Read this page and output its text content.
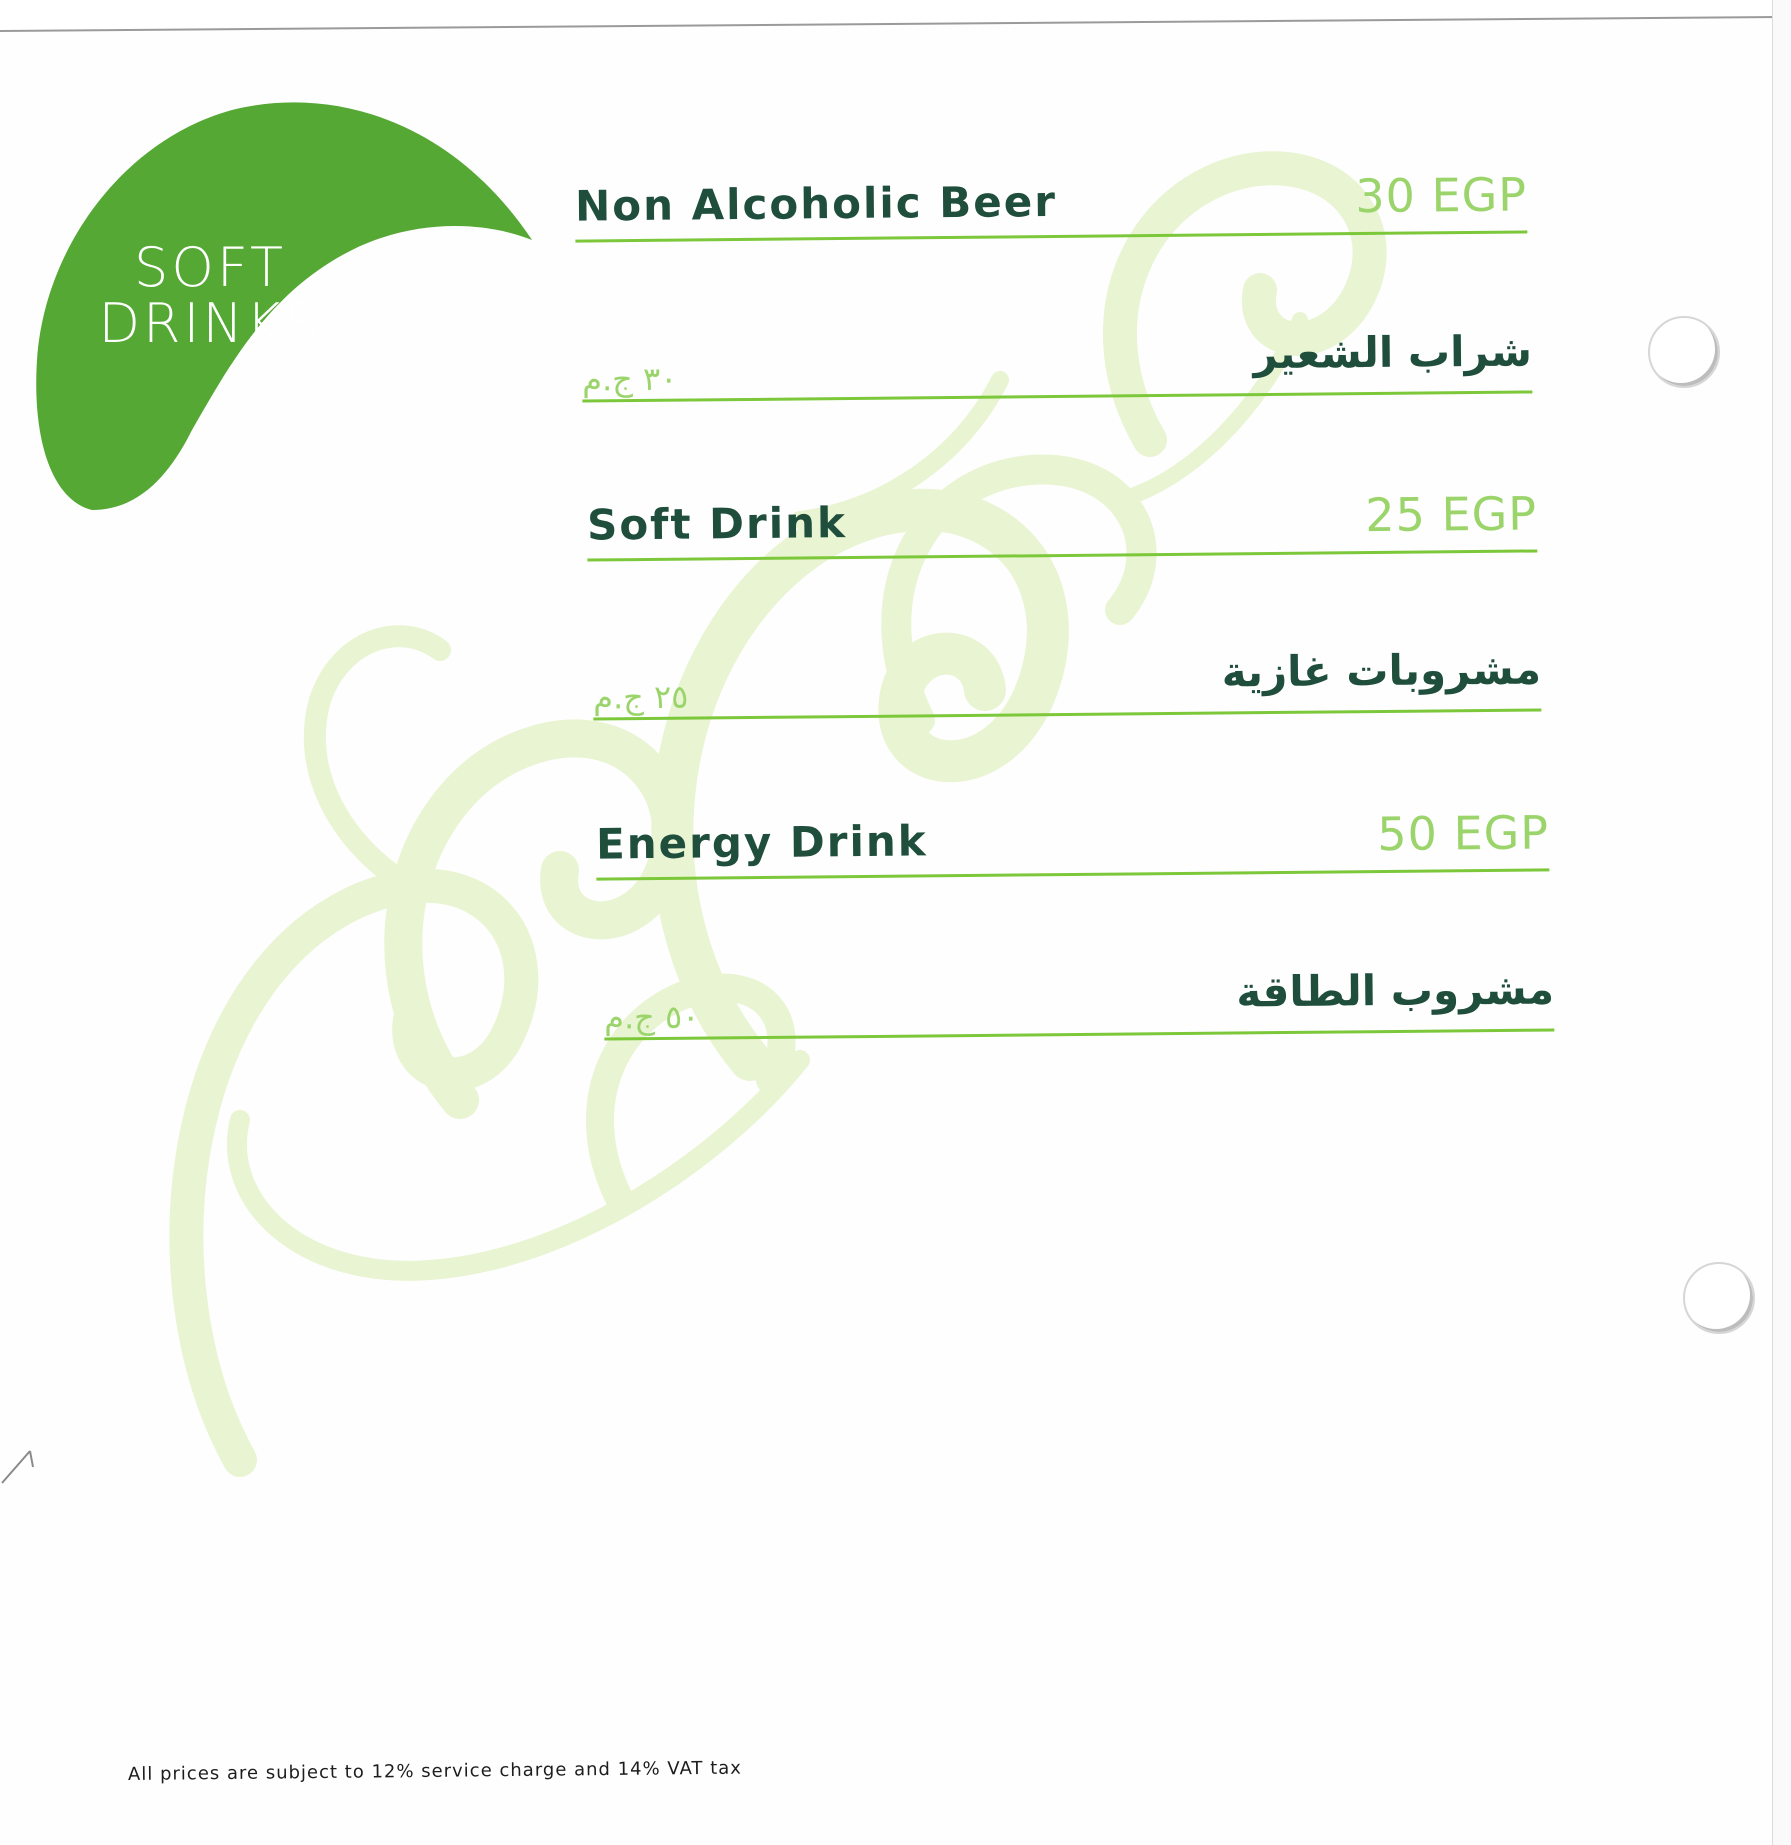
SOFT
DRINKS
Non Alcoholic Beer	30 EGP
٣٠ ج.م
شراب الشعير
Soft Drink	25 EGP
٢٥ ج.م
مشروبات غازية
Energy Drink	50 EGP
٥٠ ج.م
مشروب الطاقة
All prices are subject to 12% service charge and 14% VAT tax
